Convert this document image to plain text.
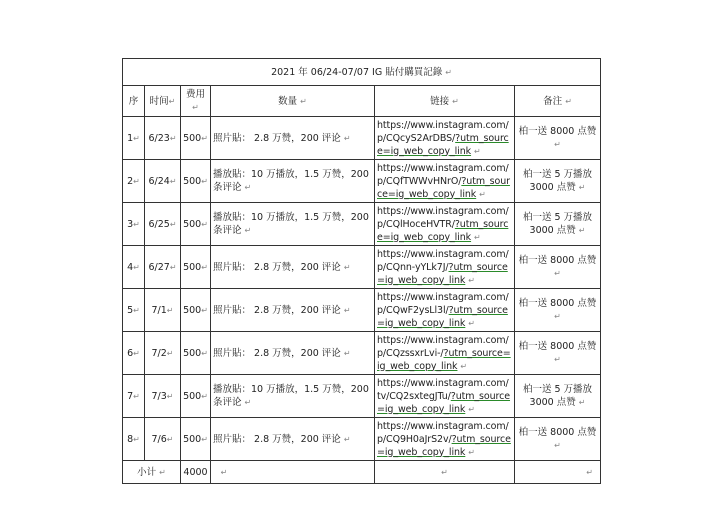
2021 年 06/24-07/07 IG 貼付購買記錄 ↵					
序	时间↵	费用↵	数量 ↵	链接 ↵	备注 ↵
1↵	6/23↵	500↵	照片貼： 2.8 万赞，200 评论 ↵	https://www.instagram.com/p/CQcyS2ArDBS/?utm_source=ig_web_copy_link ↵	柏一送 8000 点赞 ↵
2↵	6/24↵	500↵	播放貼：10 万播放，1.5 万赞，200 条评论 ↵	https://www.instagram.com/p/CQfTWWvHNrO/?utm_source=ig_web_copy_link ↵	柏一送 5 万播放 3000 点赞 ↵
3↵	6/25↵	500↵	播放貼：10 万播放，1.5 万赞，200 条评论 ↵	https://www.instagram.com/p/CQlHoceHVTR/?utm_source=ig_web_copy_link ↵	柏一送 5 万播放 3000 点赞 ↵
4↵	6/27↵	500↵	照片貼： 2.8 万赞，200 评论 ↵	https://www.instagram.com/p/CQnn-yYLk7J/?utm_source=ig_web_copy_link ↵	柏一送 8000 点赞 ↵
5↵	7/1↵	500↵	照片貼： 2.8 万赞，200 评论 ↵	https://www.instagram.com/p/CQwF2ysLl3l/?utm_source=ig_web_copy_link ↵	柏一送 8000 点赞 ↵
6↵	7/2↵	500↵	照片貼： 2.8 万赞，200 评论 ↵	https://www.instagram.com/p/CQzssxrLvi-/?utm_source=ig_web_copy_link ↵	柏一送 8000 点赞 ↵
7↵	7/3↵	500↵	播放貼：10 万播放，1.5 万赞，200 条评论 ↵	https://www.instagram.com/tv/CQ2sxtegJTu/?utm_source=ig_web_copy_link ↵	柏一送 5 万播放 3000 点赞 ↵
8↵	7/6↵	500↵	照片貼： 2.8 万赞，200 评论 ↵	https://www.instagram.com/p/CQ9H0aJrS2v/?utm_source=ig_web_copy_link ↵	柏一送 8000 点赞 ↵
小计 ↵		4000	↵	↵	↵
